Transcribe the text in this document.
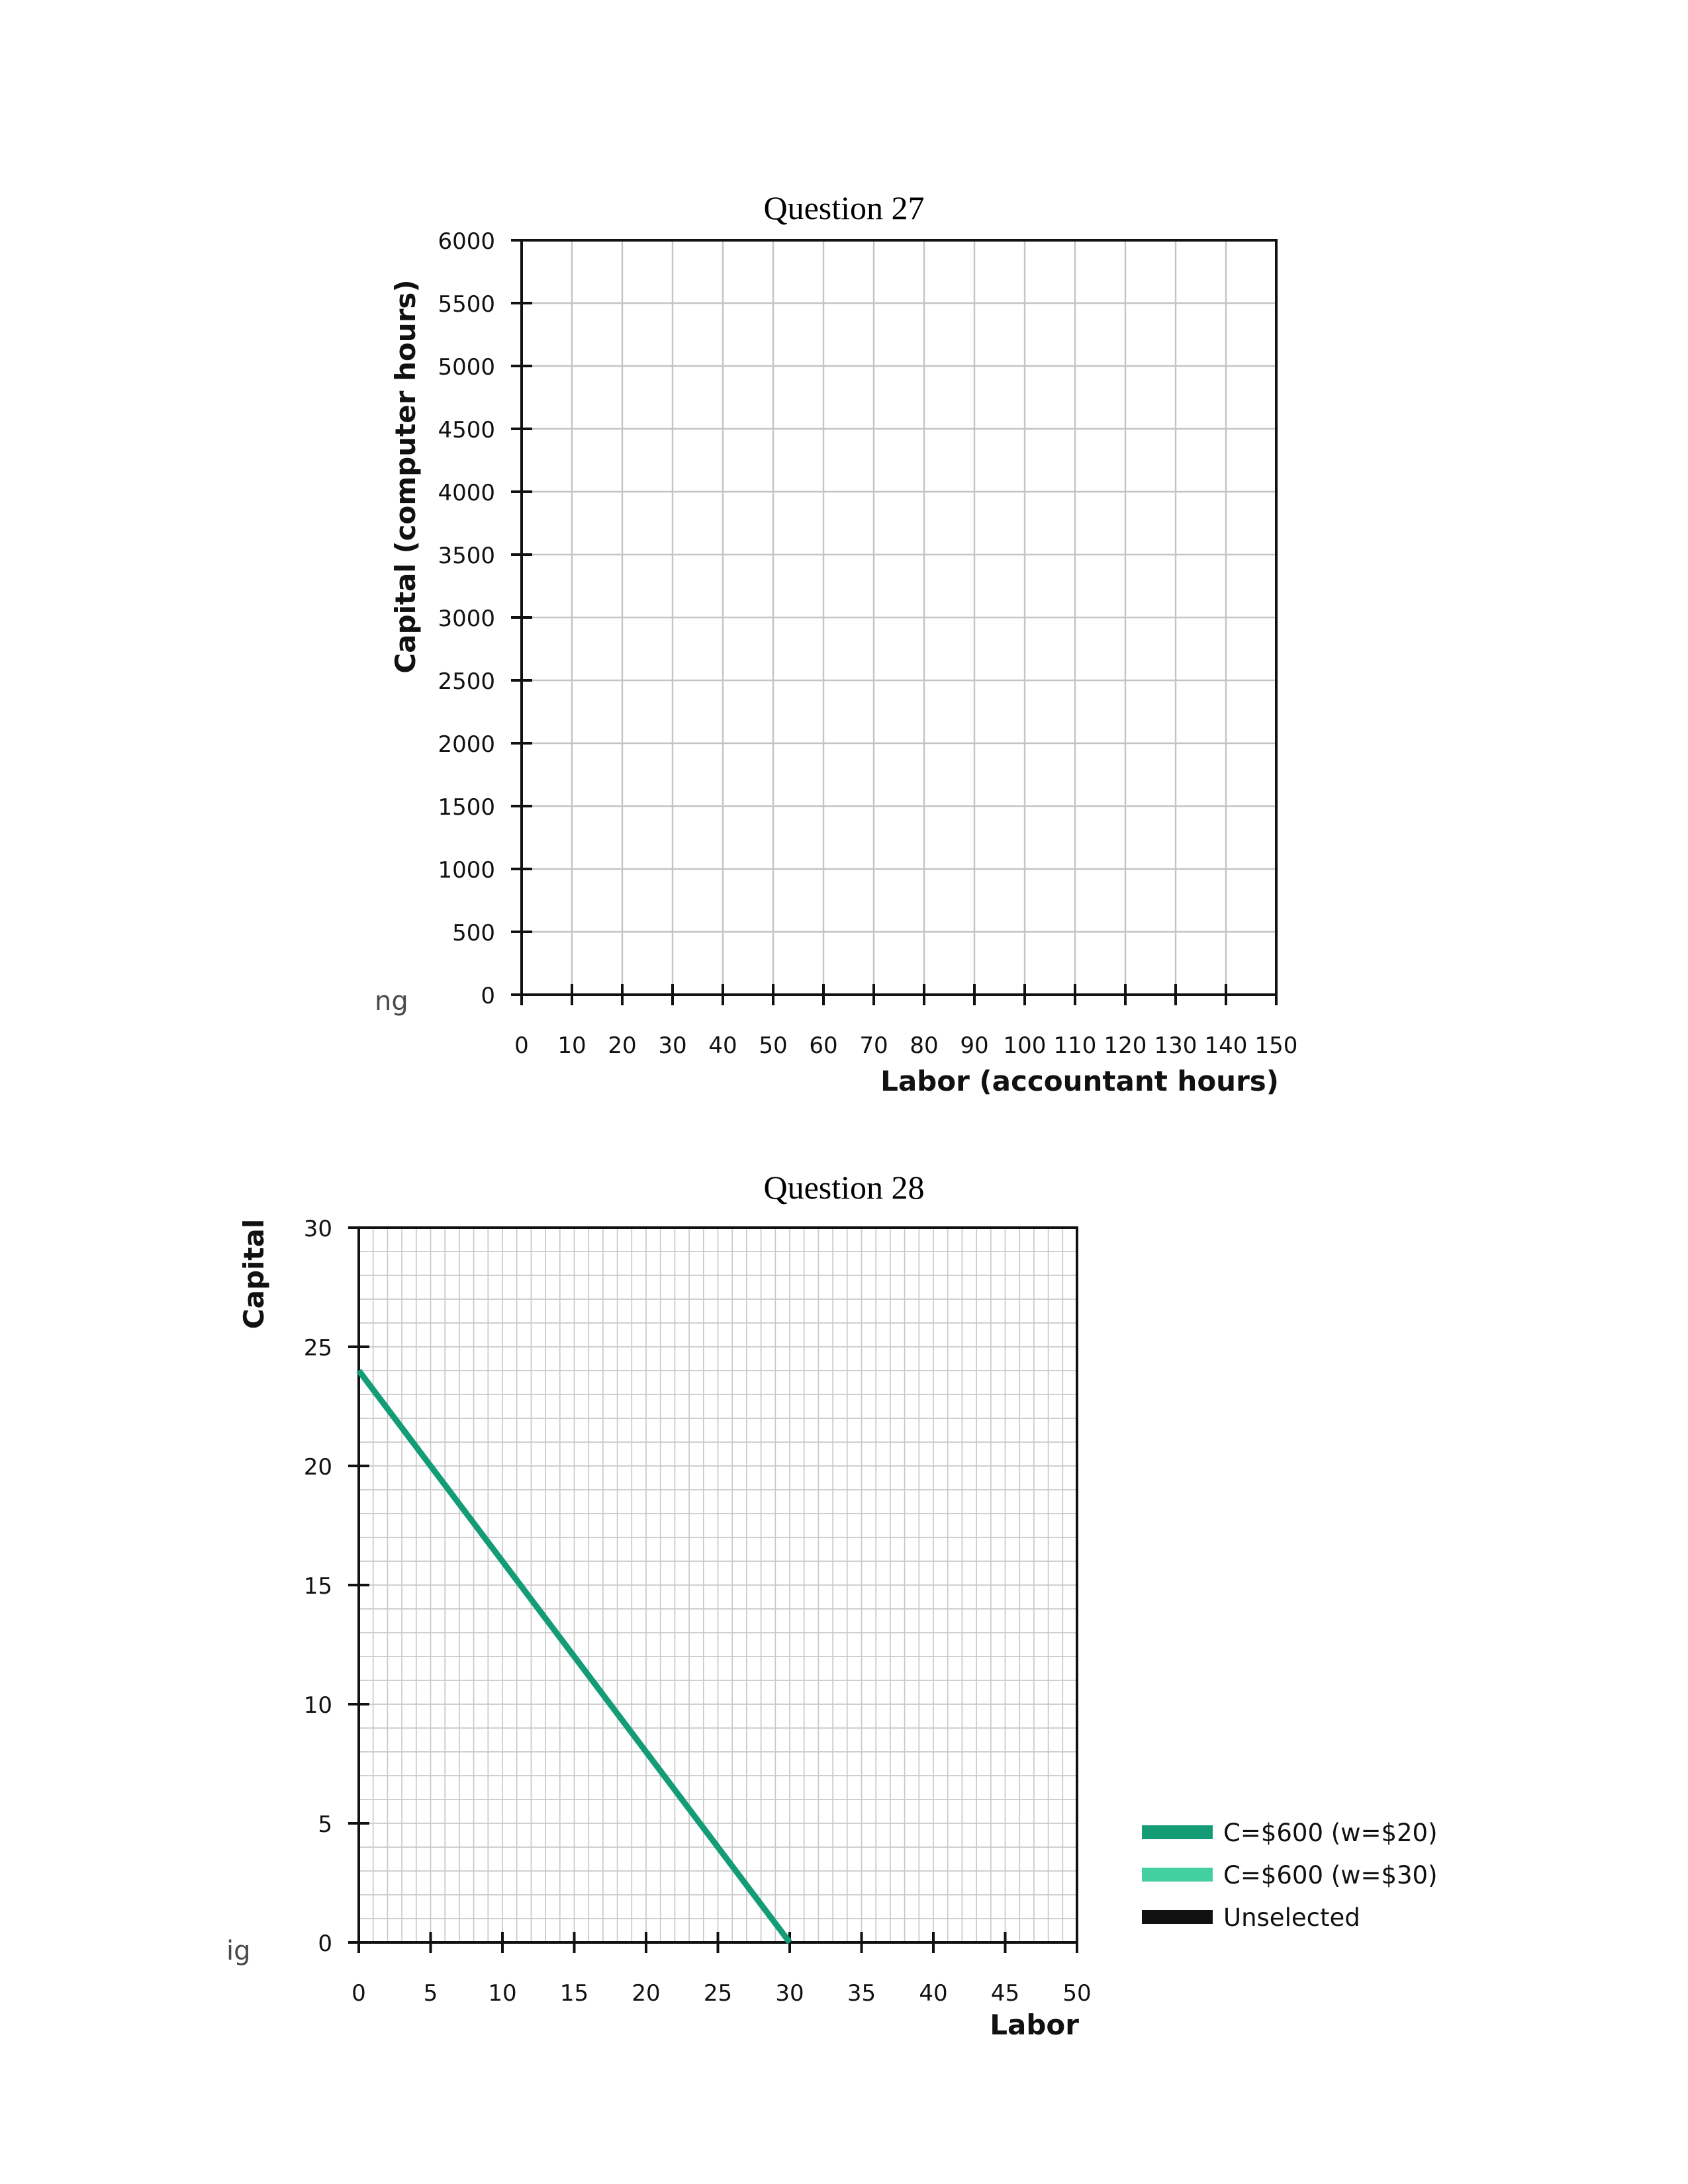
Question 27
Capital (computer hours)
0 10 20 30 40 50 60 70 80 90 100 110 120 130 140 150
0
500
1000
1500
2000
2500
3000
3500
4000
4500
5000
5500
6000
Labor (accountant hours)
ng
Question 28
Capital
0	5 10 15 20 25 30 35 40 45 50
0
5
10
15
20
25
30
Labor
ig
C=$600 (w=$20)
C=$600 (w=$30)
Unselected
